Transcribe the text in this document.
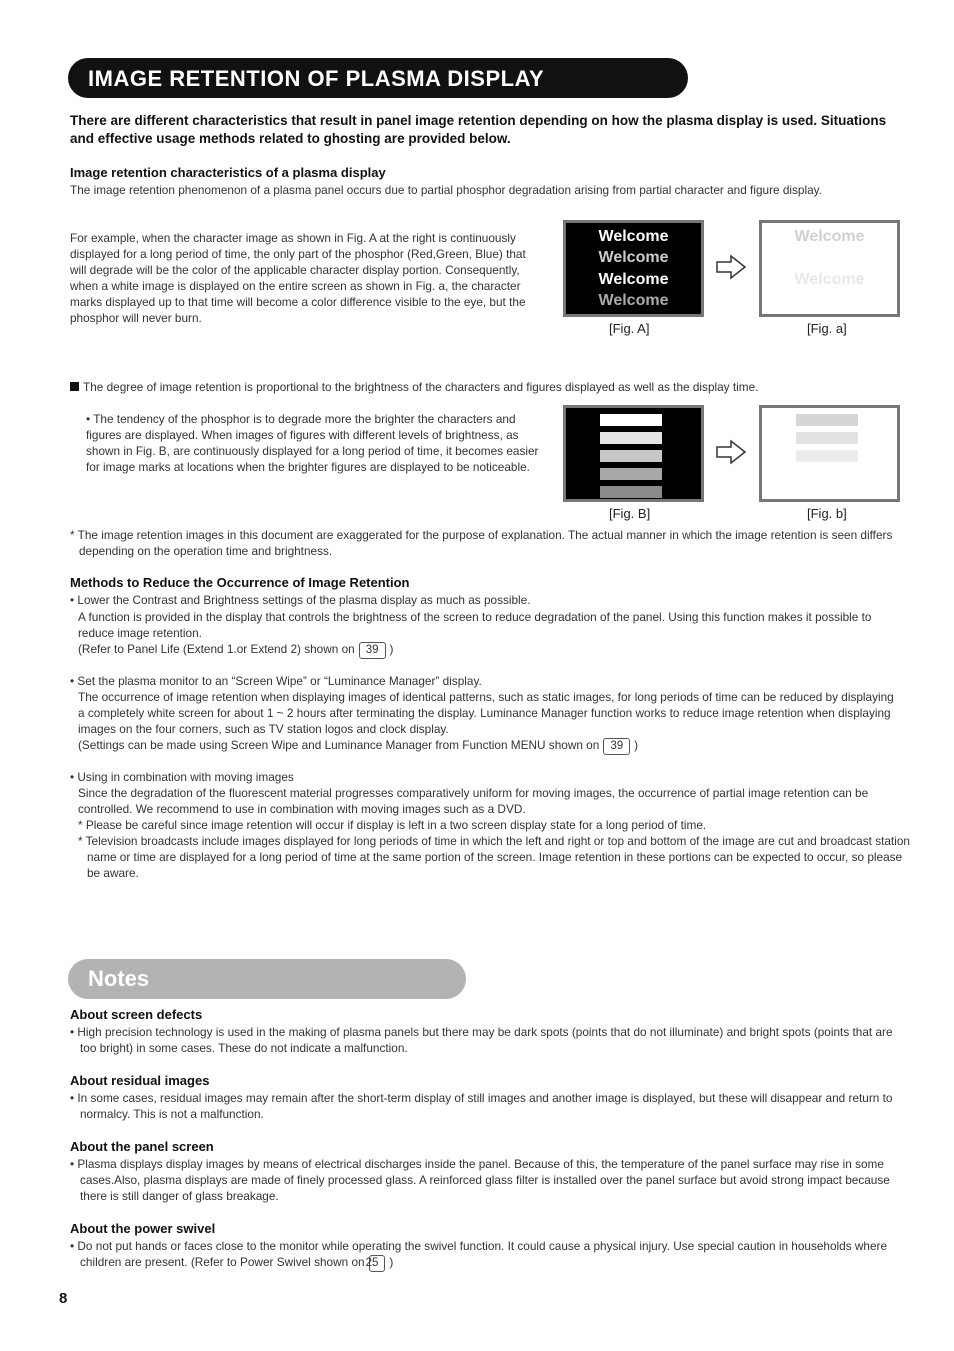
IMAGE RETENTION OF PLASMA DISPLAY
There are different characteristics that result in panel image retention depending on how the plasma display is used. Situations and effective usage methods related to ghosting are provided below.
Image retention characteristics of a plasma display
The image retention phenomenon of a plasma panel occurs due to partial phosphor degradation arising from partial character and figure display.
For example, when the character image as shown in Fig. A at the right is continuously displayed for a long period of time, the only part of the phosphor (Red,Green, Blue) that will degrade will be the color of the applicable character display portion. Consequently, when a white image is displayed on the entire screen as shown in Fig. a, the character marks displayed up to that time will become a color difference visible to the eye, but the phosphor will never burn.
Welcome
Welcome
Welcome
Welcome
Welcome
Welcome
[Fig. A]	[Fig. a]
The degree of image retention is proportional to the brightness of the characters and figures displayed as well as the display time.
• The tendency of the phosphor is to degrade more the brighter the characters and figures are displayed. When images of figures with different levels of brightness, as shown in Fig. B, are continuously displayed for a long period of time, it becomes easier for image marks at locations when the brighter figures are displayed to be noticeable.
[Fig. B]	[Fig. b]
* The image retention images in this document are exaggerated for the purpose of explanation. The actual manner in which the image retention is seen differs depending on the operation time and brightness.
Methods to Reduce the Occurrence of Image Retention
• Lower the Contrast and Brightness settings of the plasma display as much as possible.
A function is provided in the display that controls the brightness of the screen to reduce degradation of the panel. Using this function makes it possible to reduce image retention.
(Refer to Panel Life (Extend 1.or Extend 2) shown on 39 )
• Set the plasma monitor to an “Screen Wipe” or “Luminance Manager” display.
The occurrence of image retention when displaying images of identical patterns, such as static images, for long periods of time can be reduced by displaying a completely white screen for about 1 ~ 2 hours after terminating the display. Luminance Manager function works to reduce image retention when displaying images on the four corners, such as TV station logos and clock display.
(Settings can be made using Screen Wipe and Luminance Manager from Function MENU shown on 39 )
• Using in combination with moving images
Since the degradation of the fluorescent material progresses comparatively uniform for moving images, the occurrence of partial image retention can be controlled. We recommend to use in combination with moving images such as a DVD.
* Please be careful since image retention will occur if display is left in a two screen display state for a long period of time.
* Television broadcasts include images displayed for long periods of time in which the left and right or top and bottom of the image are cut and broadcast station name or time are displayed for a long period of time at the same portion of the screen. Image retention in these portions can be expected to occur, so please be aware.
Notes
About screen defects
• High precision technology is used in the making of plasma panels but there may be dark spots (points that do not illuminate) and bright spots (points that are too bright) in some cases. These do not indicate a malfunction.
About residual images
• In some cases, residual images may remain after the short-term display of still images and another image is displayed, but these will disappear and return to normalcy. This is not a malfunction.
About the panel screen
• Plasma displays display images by means of electrical discharges inside the panel. Because of this, the temperature of the panel surface may rise in some cases.Also, plasma displays are made of finely processed glass. A reinforced glass filter is installed over the panel surface but avoid strong impact because there is still danger of glass breakage.
About the power swivel
• Do not put hands or faces close to the monitor while operating the swivel function. It could cause a physical injury. Use special caution in households where children are present. (Refer to Power Swivel shown on25 )
8
